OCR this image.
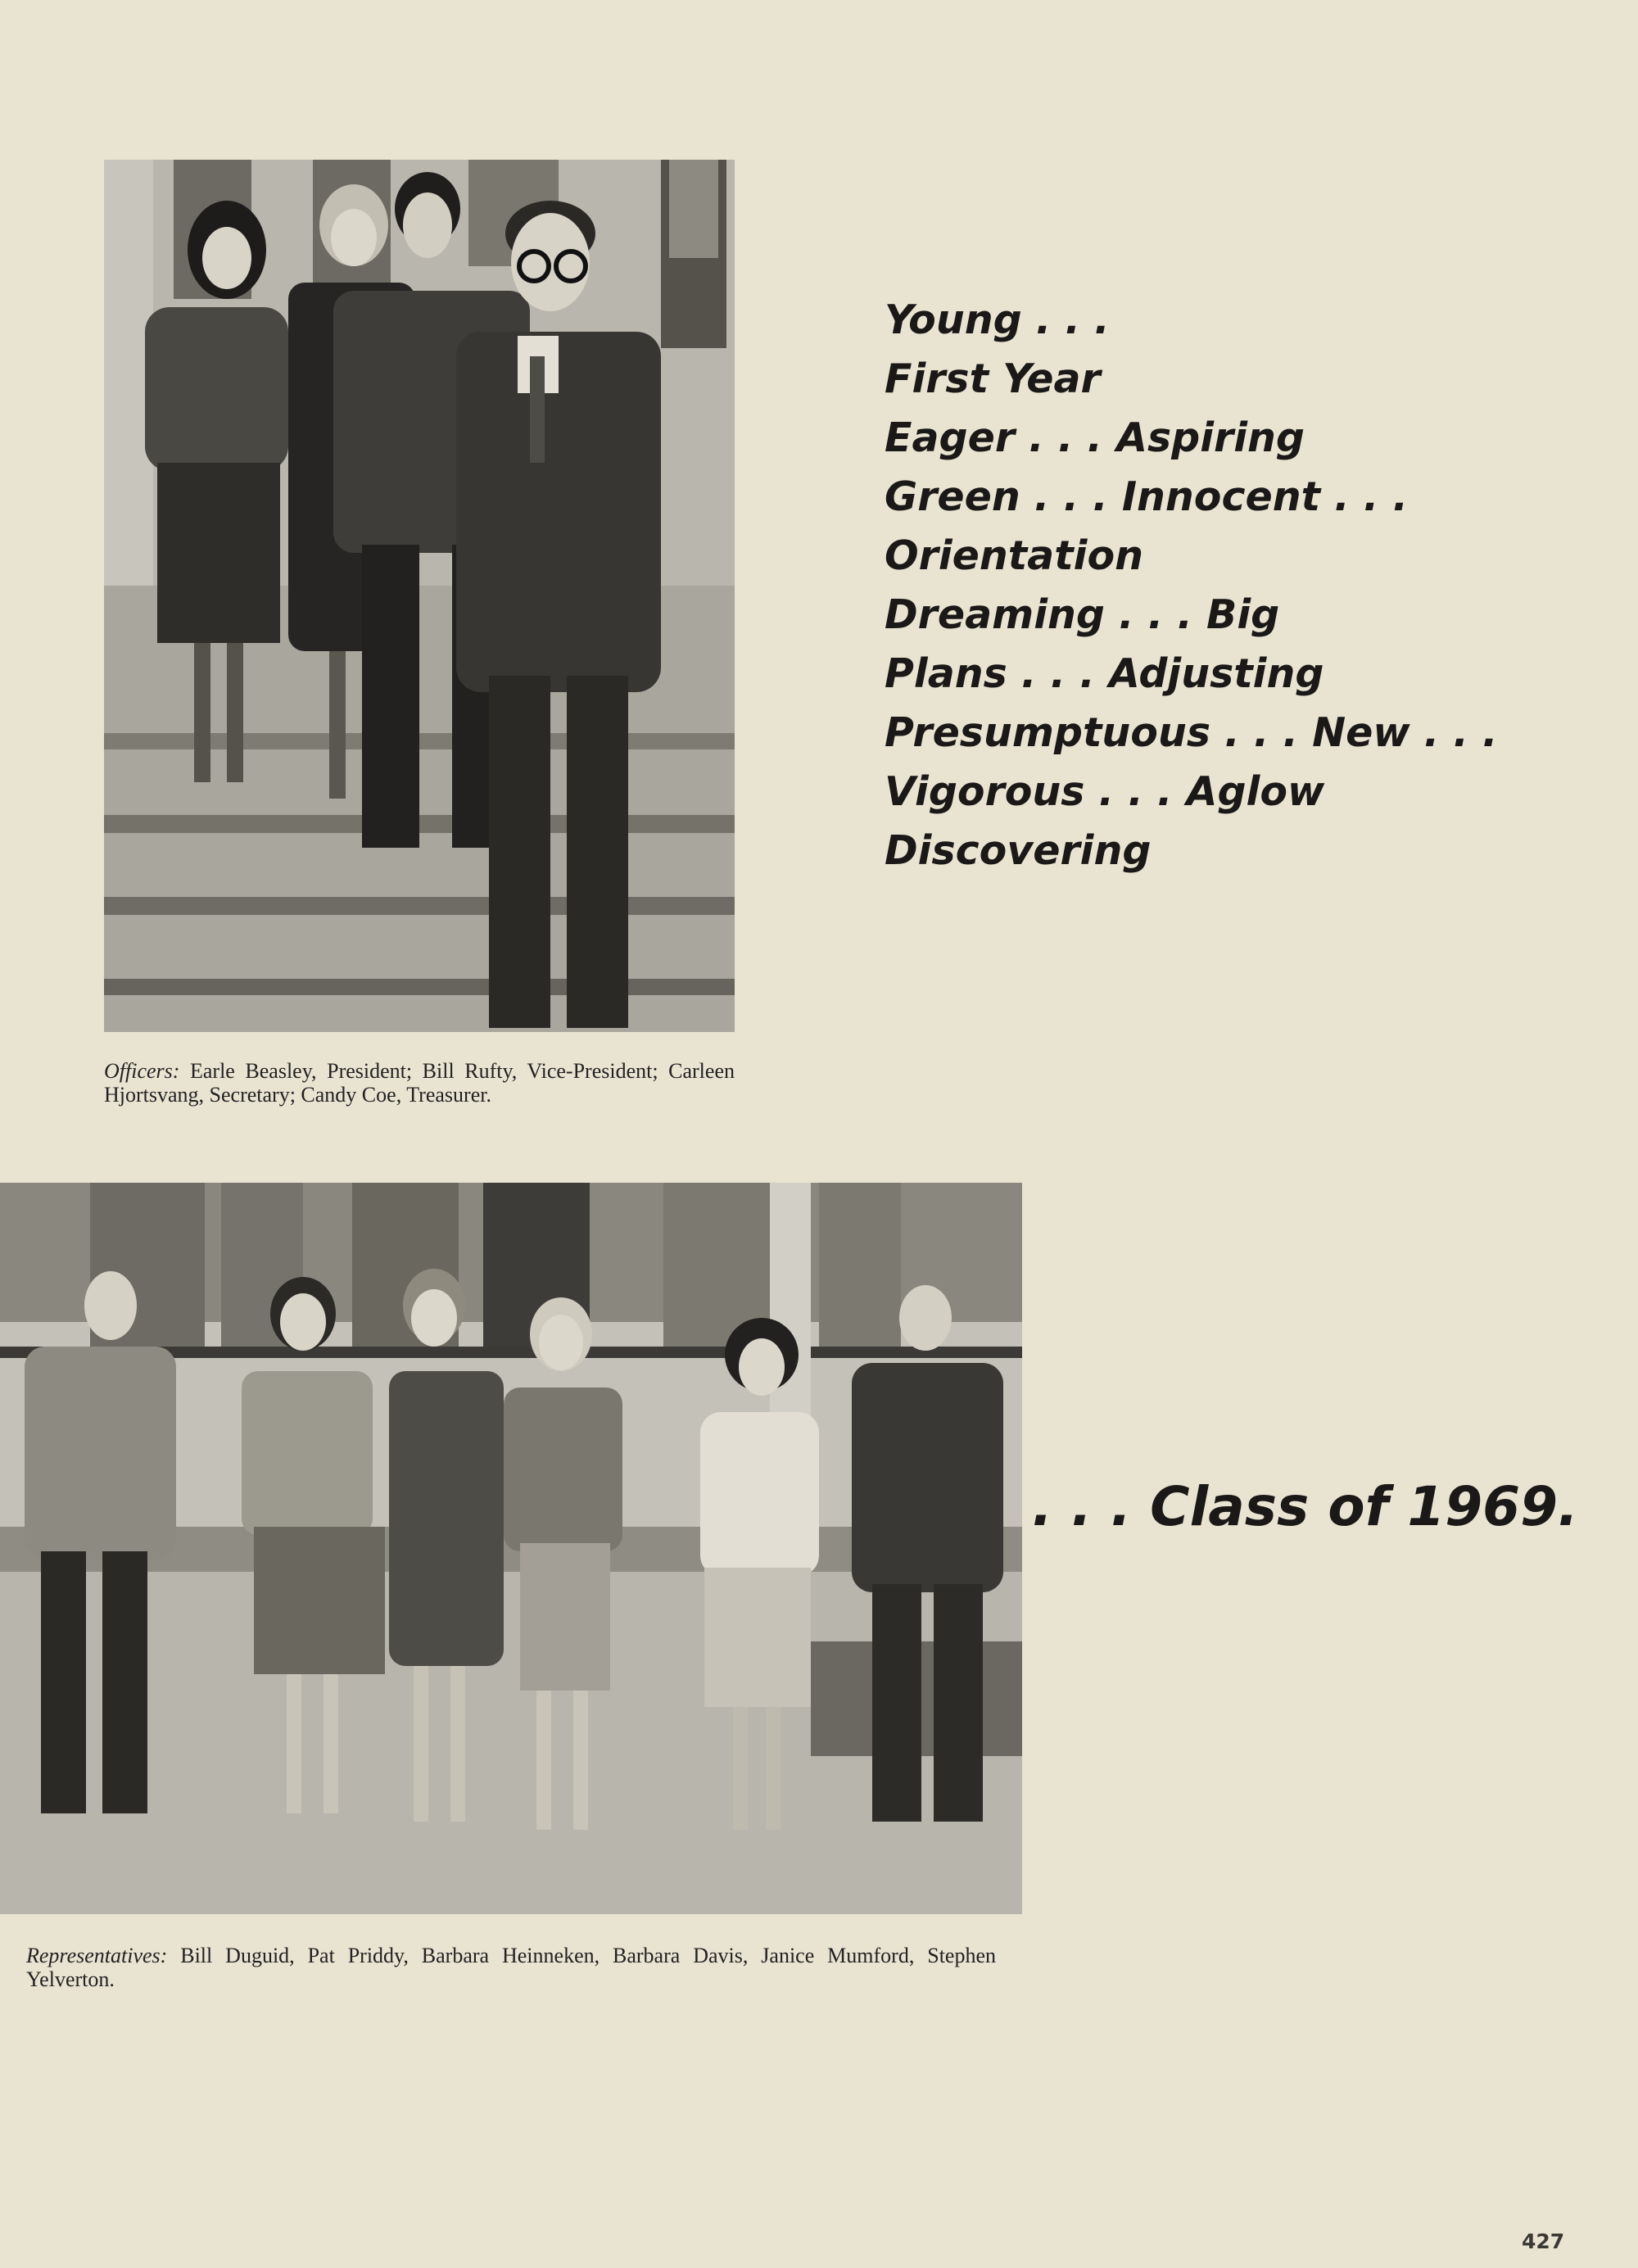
Officers: Earle Beasley, President; Bill Rufty, Vice-President; Carleen Hjortsvang, Secretary; Candy Coe, Treasurer.
Young . . .
First Year
Eager . . . Aspiring
Green . . . Innocent . . .
Orientation
Dreaming . . . Big
Plans . . . Adjusting
Presumptuous . . . New . . .
Vigorous . . . Aglow
Discovering
. . . Class of 1969.
Representatives: Bill Duguid, Pat Priddy, Barbara Heinneken, Barbara Davis, Janice Mumford, Stephen Yelverton.
427
